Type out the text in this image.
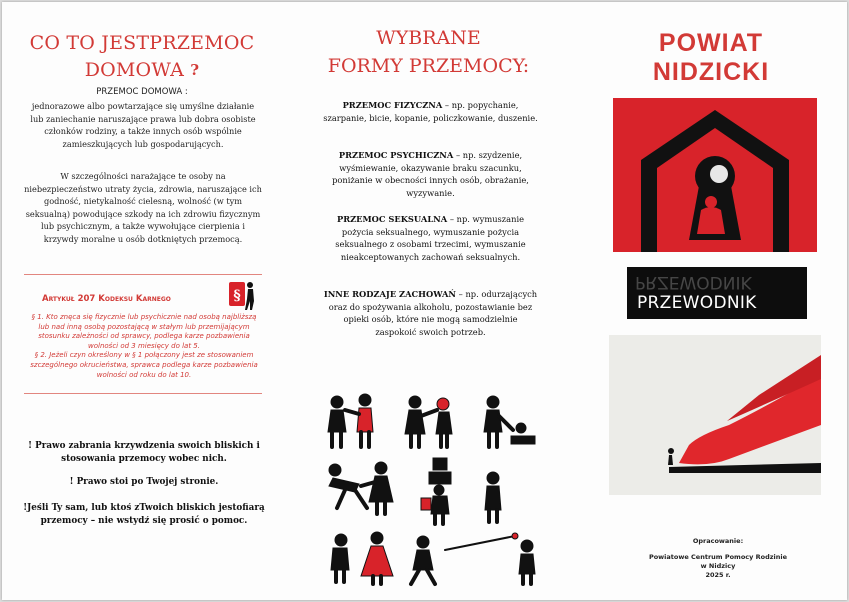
CO TO JESTPRZEMOC
DOMOWA ?
PRZEMOC DOMOWA :
jednorazowe albo powtarzające się umyślne działanie lub zaniechanie naruszające prawa lub dobra osobiste członków rodziny, a także innych osób wspólnie zamieszkujących lub gospodarujących.
W szczególności narażające te osoby na niebezpieczeństwo utraty życia, zdrowia, naruszające ich godność, nietykalność cielesną, wolność (w tym seksualną) powodujące szkody na ich zdrowiu fizycznym lub psychicznym, a także wywołujące cierpienia i krzywdy moralne u osób dotkniętych przemocą.
Artykuł 207 Kodeksu Karnego	§
§ 1. Kto znęca się fizycznie lub psychicznie nad osobą najbliższą lub nad inną osobą pozostającą w stałym lub przemijającym stosunku zależności od sprawcy, podlega karze pozbawienia wolności od 3 miesięcy do lat 5.
§ 2. Jeżeli czyn określony w § 1 połączony jest ze stosowaniem szczególnego okrucieństwa, sprawca podlega karze pozbawienia wolności od roku do lat 10.
! Prawo zabrania krzywdzenia swoich bliskich i stosowania przemocy wobec nich.
! Prawo stoi po Twojej stronie.
!Jeśli Ty sam, lub ktoś zTwoich bliskich jestofiarą przemocy – nie wstydź się prosić o pomoc.
WYBRANE
FORMY PRZEMOCY:
PRZEMOC FIZYCZNA – np. popychanie, szarpanie, bicie, kopanie, policzkowanie, duszenie.
PRZEMOC PSYCHICZNA – np. szydzenie, wyśmiewanie, okazywanie braku szacunku, poniżanie w obecności innych osób, obrażanie, wyzywanie.
PRZEMOC SEKSUALNA – np. wymuszanie pożycia seksualnego, wymuszanie pożycia seksualnego z osobami trzecimi, wymuszanie nieakceptowanych zachowań seksualnych.
INNE RODZAJE ZACHOWAŃ – np. odurzających oraz do spożywania alkoholu, pozostawianie bez opieki osób, które nie mogą samodzielnie zaspokoić swoich potrzeb.
POWIAT
NIDZICKI
PRZEWODNIK
PRZEWODNIK
Opracowanie:
Powiatowe Centrum Pomocy Rodzinie
w Nidzicy
2025 r.
